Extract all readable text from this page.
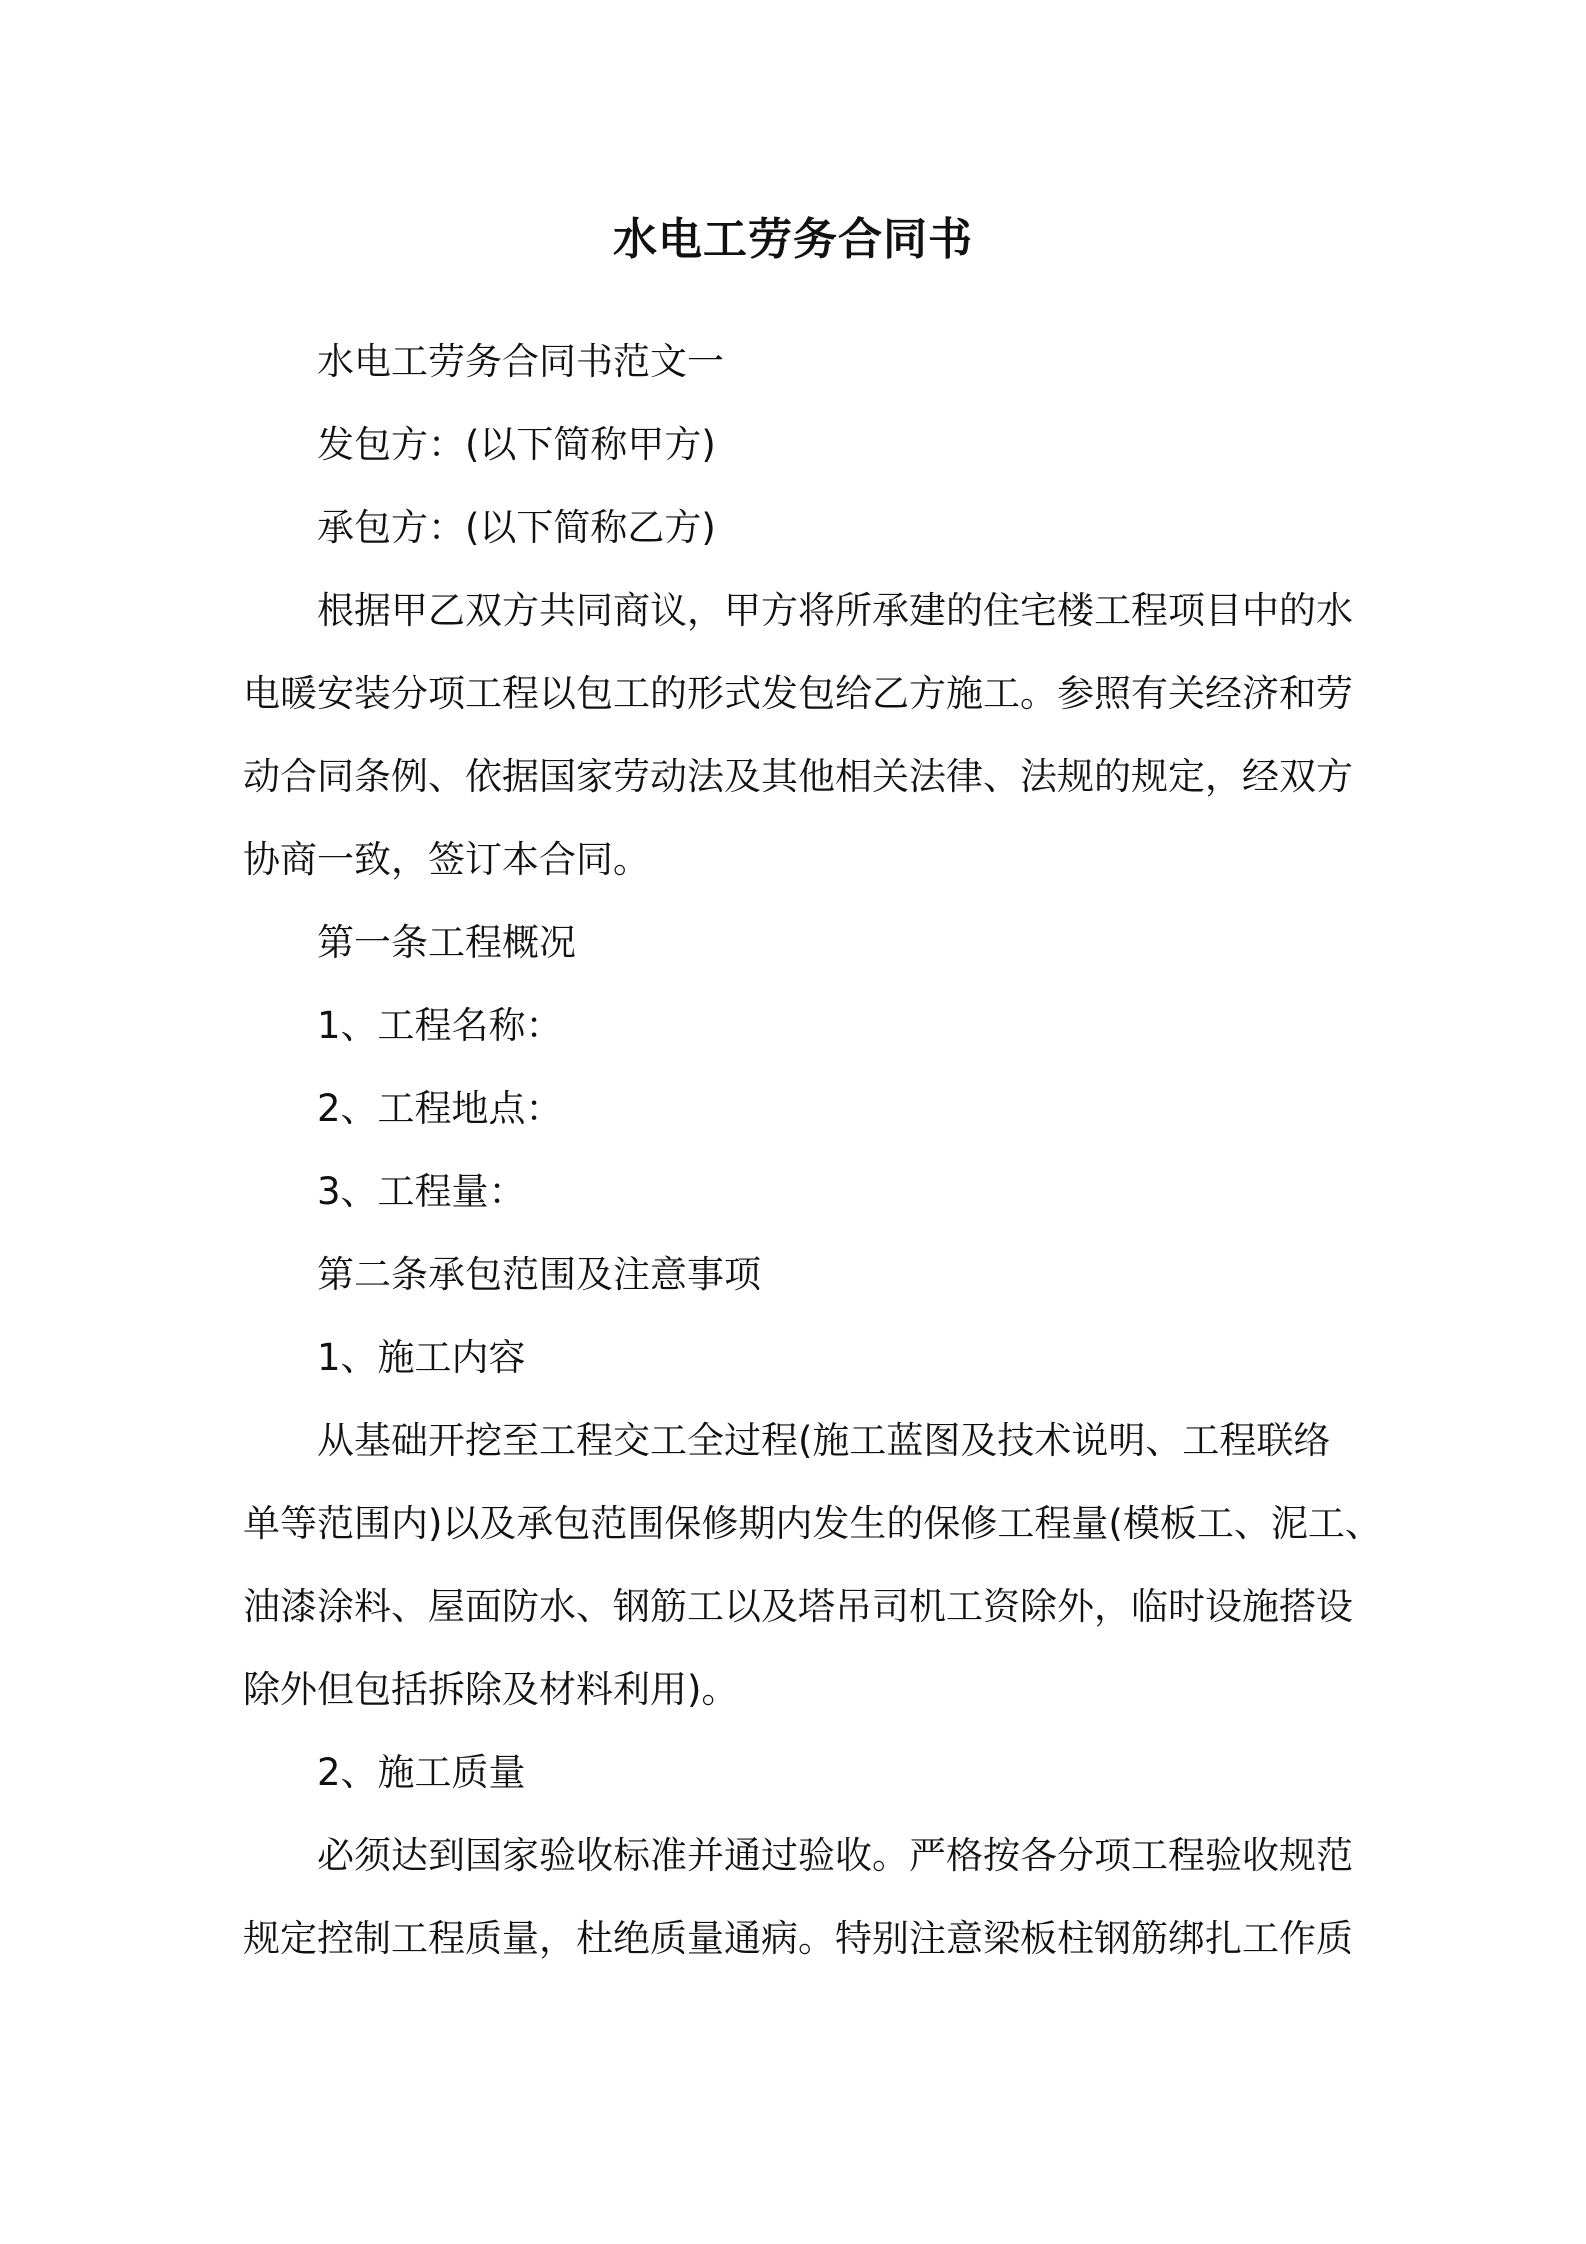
水电工劳务合同书

水电工劳务合同书范文一

发包方：(以下简称甲方)

承包方：(以下简称乙方)

根据甲乙双方共同商议，甲方将所承建的住宅楼工程项目中的水

电暖安装分项工程以包工的形式发包给乙方施工。参照有关经济和劳

动合同条例、依据国家劳动法及其他相关法律、法规的规定，经双方

协商一致，签订本合同。

第一条工程概况

1、工程名称：

2、工程地点：

3、工程量：

第二条承包范围及注意事项

1、施工内容

从基础开挖至工程交工全过程(施工蓝图及技术说明、工程联络

单等范围内)以及承包范围保修期内发生的保修工程量(模板工、泥工、

油漆涂料、屋面防水、钢筋工以及塔吊司机工资除外，临时设施搭设

除外但包括拆除及材料利用)。

2、施工质量

必须达到国家验收标准并通过验收。严格按各分项工程验收规范

规定控制工程质量，杜绝质量通病。特别注意梁板柱钢筋绑扎工作质
